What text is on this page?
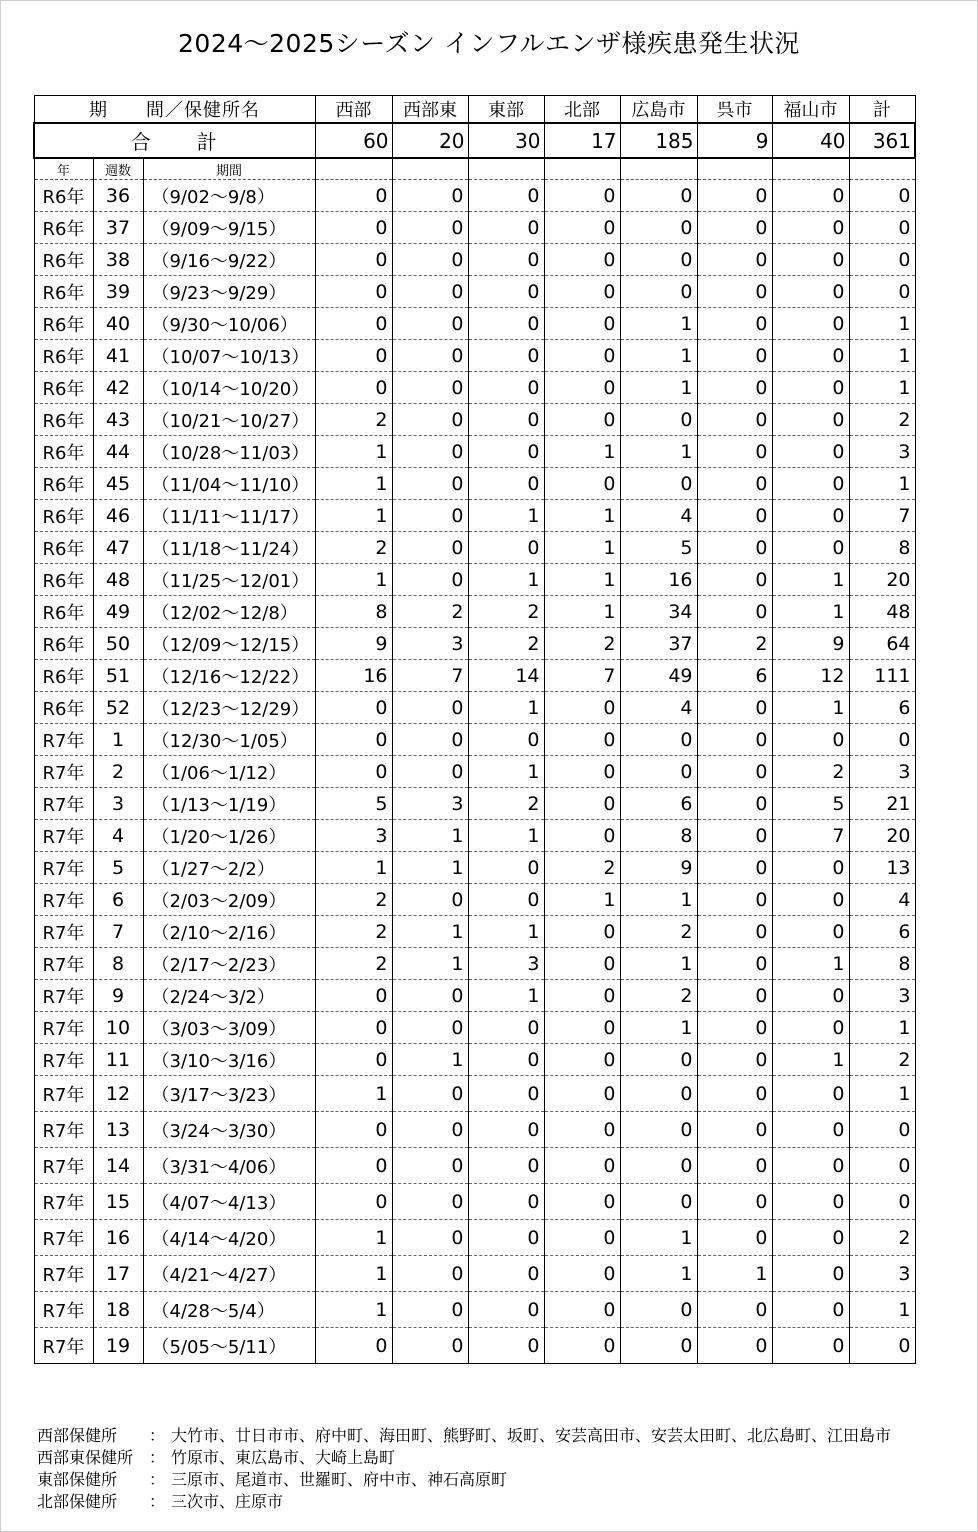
2024～2025シーズン インフルエンザ様疾患発生状況
期　　間／保健所名			西部	西部東	東部	北部	広島市	呉市	福山市	計
合　　計			60	20	30	17	185	9	40	361
年	週数	期間								
R6年	36	（9/02～9/8）	0	0	0	0	0	0	0	0
R6年	37	（9/09～9/15）	0	0	0	0	0	0	0	0
R6年	38	（9/16～9/22）	0	0	0	0	0	0	0	0
R6年	39	（9/23～9/29）	0	0	0	0	0	0	0	0
R6年	40	（9/30～10/06）	0	0	0	0	1	0	0	1
R6年	41	（10/07～10/13）	0	0	0	0	1	0	0	1
R6年	42	（10/14～10/20）	0	0	0	0	1	0	0	1
R6年	43	（10/21～10/27）	2	0	0	0	0	0	0	2
R6年	44	（10/28～11/03）	1	0	0	1	1	0	0	3
R6年	45	（11/04～11/10）	1	0	0	0	0	0	0	1
R6年	46	（11/11～11/17）	1	0	1	1	4	0	0	7
R6年	47	（11/18～11/24）	2	0	0	1	5	0	0	8
R6年	48	（11/25～12/01）	1	0	1	1	16	0	1	20
R6年	49	（12/02～12/8）	8	2	2	1	34	0	1	48
R6年	50	（12/09～12/15）	9	3	2	2	37	2	9	64
R6年	51	（12/16～12/22）	16	7	14	7	49	6	12	111
R6年	52	（12/23～12/29）	0	0	1	0	4	0	1	6
R7年	1	（12/30～1/05）	0	0	0	0	0	0	0	0
R7年	2	（1/06～1/12）	0	0	1	0	0	0	2	3
R7年	3	（1/13～1/19）	5	3	2	0	6	0	5	21
R7年	4	（1/20～1/26）	3	1	1	0	8	0	7	20
R7年	5	（1/27～2/2）	1	1	0	2	9	0	0	13
R7年	6	（2/03～2/09）	2	0	0	1	1	0	0	4
R7年	7	（2/10～2/16）	2	1	1	0	2	0	0	6
R7年	8	（2/17～2/23）	2	1	3	0	1	0	1	8
R7年	9	（2/24～3/2）	0	0	1	0	2	0	0	3
R7年	10	（3/03～3/09）	0	0	0	0	1	0	0	1
R7年	11	（3/10～3/16）	0	1	0	0	0	0	1	2
R7年	12	（3/17～3/23）	1	0	0	0	0	0	0	1
R7年	13	（3/24～3/30）	0	0	0	0	0	0	0	0
R7年	14	（3/31～4/06）	0	0	0	0	0	0	0	0
R7年	15	（4/07～4/13）	0	0	0	0	0	0	0	0
R7年	16	（4/14～4/20）	1	0	0	0	1	0	0	2
R7年	17	（4/21～4/27）	1	0	0	0	1	1	0	3
R7年	18	（4/28～5/4）	1	0	0	0	0	0	0	1
R7年	19	（5/05～5/11）	0	0	0	0	0	0	0	0
西部保健所	： 大竹市、廿日市市、府中町、海田町、熊野町、坂町、安芸高田市、安芸太田町、北広島町、江田島市
西部東保健所 ： 竹原市、東広島市、大崎上島町
東部保健所	： 三原市、尾道市、世羅町、府中市、神石高原町
北部保健所	： 三次市、庄原市
